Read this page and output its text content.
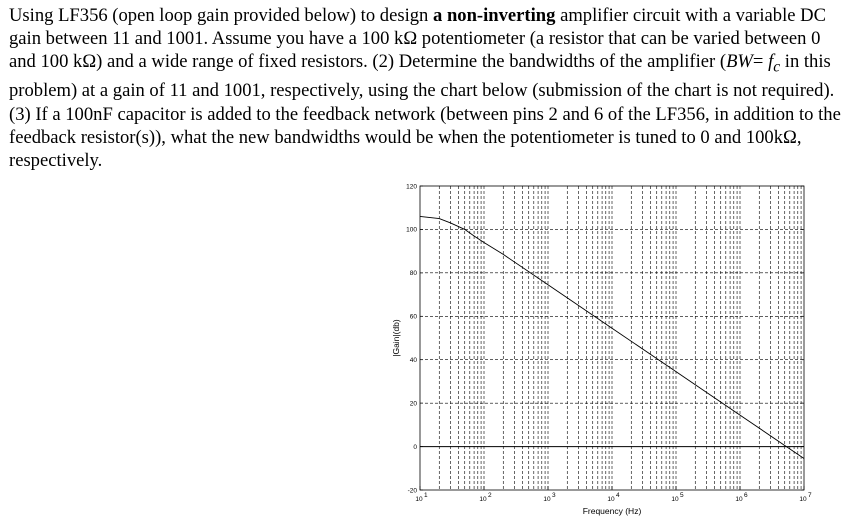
Using LF356 (open loop gain provided below) to design a non-inverting amplifier circuit with a variable DC gain between 11 and 1001. Assume you have a 100 kΩ potentiometer (a resistor that can be varied between 0 and 100 kΩ) and a wide range of fixed resistors. (2) Determine the bandwidths of the amplifier ($BW= f_c$ in this problem) at a gain of 11 and 1001, respectively, using the chart below (submission of the chart is not required). (3) If a 100nF capacitor is added to the feedback network (between pins 2 and 6 of the LF356, in addition to the feedback resistor(s)), what the new bandwidths would be when the potentiometer is tuned to 0 and 100kΩ, respectively.

-20
0
20
40
60
80
100
120
10
1
10
2
10
3
10
4
10
5
10
6
10
7
Frequency (Hz)
|Gain|(db)
